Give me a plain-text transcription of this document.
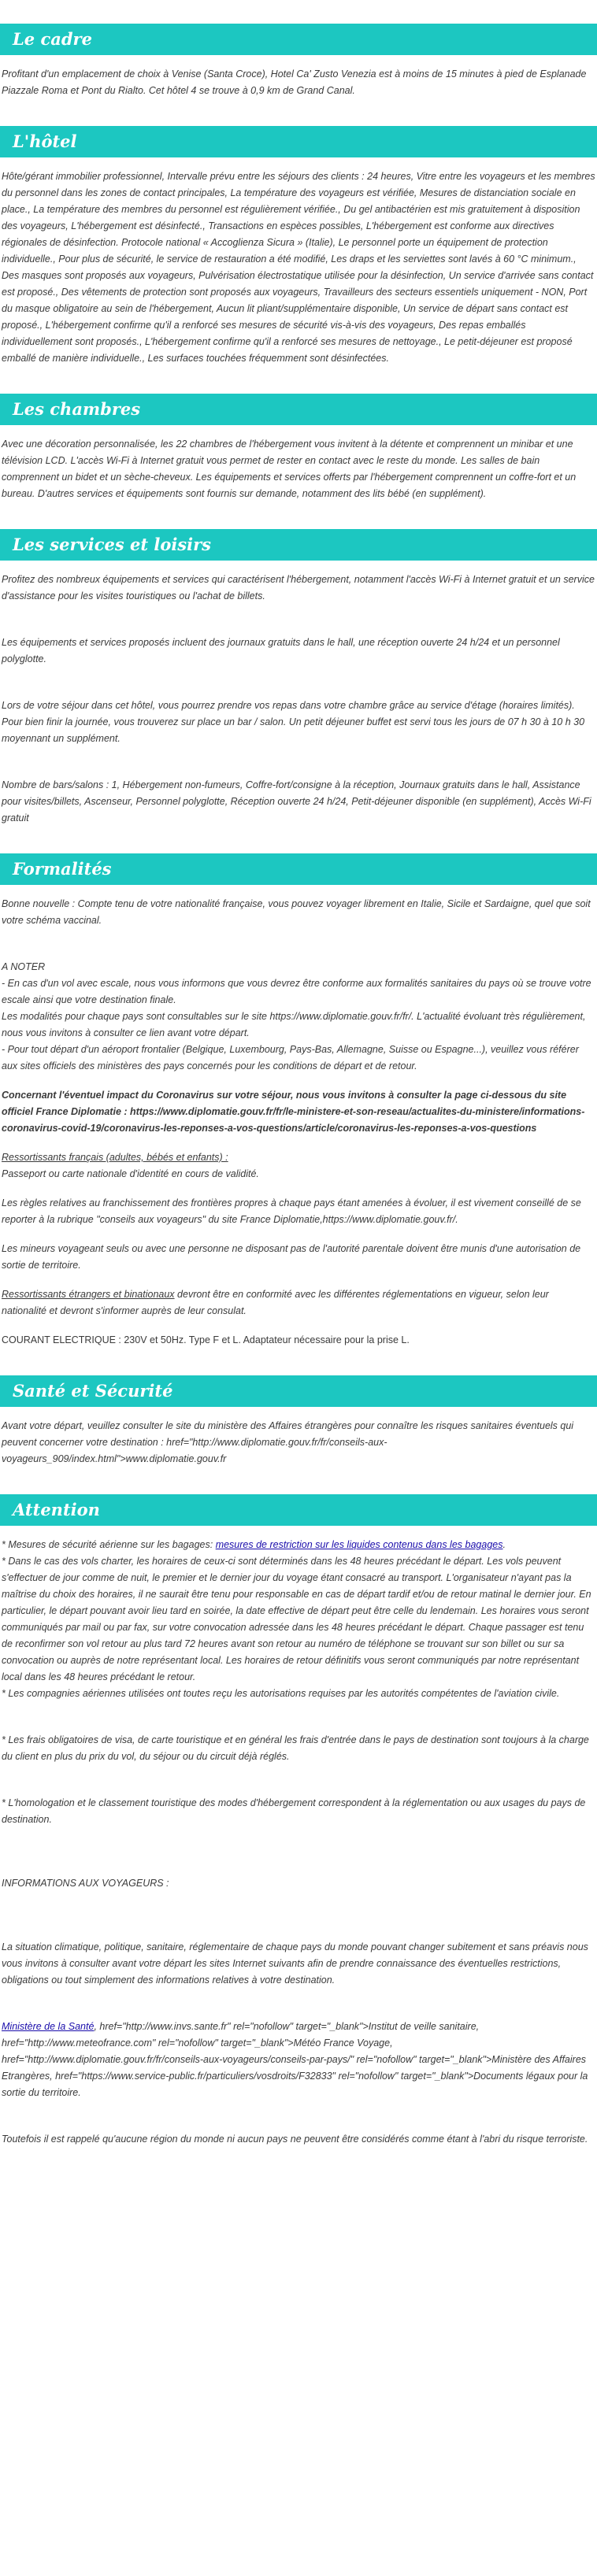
Le cadre

Profitant d'un emplacement de choix à Venise (Santa Croce), Hotel Ca' Zusto Venezia est à moins de 15 minutes à pied de Esplanade Piazzale Roma et Pont du Rialto. Cet hôtel 4 se trouve à 0,9 km de Grand Canal.

L'hôtel

Hôte/gérant immobilier professionnel, Intervalle prévu entre les séjours des clients : 24 heures, Vitre entre les voyageurs et les membres du personnel dans les zones de contact principales, La température des voyageurs est vérifiée, Mesures de distanciation sociale en place., La température des membres du personnel est régulièrement vérifiée., Du gel antibactérien est mis gratuitement à disposition des voyageurs, L'hébergement est désinfecté., Transactions en espèces possibles, L'hébergement est conforme aux directives régionales de désinfection. Protocole national « Accoglienza Sicura » (Italie), Le personnel porte un équipement de protection individuelle., Pour plus de sécurité, le service de restauration a été modifié, Les draps et les serviettes sont lavés à 60 °C minimum., Des masques sont proposés aux voyageurs, Pulvérisation électrostatique utilisée pour la désinfection, Un service d'arrivée sans contact est proposé., Des vêtements de protection sont proposés aux voyageurs, Travailleurs des secteurs essentiels uniquement - NON, Port du masque obligatoire au sein de l'hébergement, Aucun lit pliant/supplémentaire disponible, Un service de départ sans contact est proposé., L'hébergement confirme qu'il a renforcé ses mesures de sécurité vis-à-vis des voyageurs, Des repas emballés individuellement sont proposés., L'hébergement confirme qu'il a renforcé ses mesures de nettoyage., Le petit-déjeuner est proposé emballé de manière individuelle., Les surfaces touchées fréquemment sont désinfectées.

Les chambres

Avec une décoration personnalisée, les 22 chambres de l'hébergement vous invitent à la détente et comprennent un minibar et une télévision LCD. L'accès Wi-Fi à Internet gratuit vous permet de rester en contact avec le reste du monde. Les salles de bain comprennent un bidet et un sèche-cheveux. Les équipements et services offerts par l'hébergement comprennent un coffre-fort et un bureau. D'autres services et équipements sont fournis sur demande, notamment des lits bébé (en supplément).

Les services et loisirs

Profitez des nombreux équipements et services qui caractérisent l'hébergement, notamment l'accès Wi-Fi à Internet gratuit et un service d'assistance pour les visites touristiques ou l'achat de billets.

Les équipements et services proposés incluent des journaux gratuits dans le hall, une réception ouverte 24 h/24 et un personnel polyglotte.

Lors de votre séjour dans cet hôtel, vous pourrez prendre vos repas dans votre chambre grâce au service d'étage (horaires limités). Pour bien finir la journée, vous trouverez sur place un bar / salon. Un petit déjeuner buffet est servi tous les jours de 07 h 30 à 10 h 30 moyennant un supplément.

Nombre de bars/salons : 1, Hébergement non-fumeurs, Coffre-fort/consigne à la réception, Journaux gratuits dans le hall, Assistance pour visites/billets, Ascenseur, Personnel polyglotte, Réception ouverte 24 h/24, Petit-déjeuner disponible (en supplément), Accès Wi-Fi gratuit

Formalités

Bonne nouvelle : Compte tenu de votre nationalité française, vous pouvez voyager librement en Italie, Sicile et Sardaigne, quel que soit votre schéma vaccinal.

A NOTER

- En cas d'un vol avec escale, nous vous informons que vous devrez être conforme aux formalités sanitaires du pays où se trouve votre escale ainsi que votre destination finale.

Les modalités pour chaque pays sont consultables sur le site https://www.diplomatie.gouv.fr/fr/. L'actualité évoluant très régulièrement, nous vous invitons à consulter ce lien avant votre départ.

- Pour tout départ d'un aéroport frontalier (Belgique, Luxembourg, Pays-Bas, Allemagne, Suisse ou Espagne...), veuillez vous référer aux sites officiels des ministères des pays concernés pour les conditions de départ et de retour.

Concernant l'éventuel impact du Coronavirus sur votre séjour, nous vous invitons à consulter la page ci-dessous du site officiel France Diplomatie : https://www.diplomatie.gouv.fr/fr/le-ministere-et-son-reseau/actualites-du-ministere/informations-coronavirus-covid-19/coronavirus-les-reponses-a-vos-questions/article/coronavirus-les-reponses-a-vos-questions

Ressortissants français (adultes, bébés et enfants) :

Passeport ou carte nationale d'identité en cours de validité.

Les règles relatives au franchissement des frontières propres à chaque pays étant amenées à évoluer, il est vivement conseillé de se reporter à la rubrique "conseils aux voyageurs" du site France Diplomatie,https://www.diplomatie.gouv.fr/.

Les mineurs voyageant seuls ou avec une personne ne disposant pas de l'autorité parentale doivent être munis d'une autorisation de sortie de territoire.

Ressortissants étrangers et binationaux devront être en conformité avec les différentes réglementations en vigueur, selon leur nationalité et devront s'informer auprès de leur consulat.

COURANT ELECTRIQUE : 230V et 50Hz. Type F et L. Adaptateur nécessaire pour la prise L.

Santé et Sécurité

Avant votre départ, veuillez consulter le site du ministère des Affaires étrangères pour connaître les risques sanitaires éventuels qui peuvent concerner votre destination : href="http://www.diplomatie.gouv.fr/fr/conseils-aux-voyageurs_909/index.html">www.diplomatie.gouv.fr

Attention

* Mesures de sécurité aérienne sur les bagages: mesures de restriction sur les liquides contenus dans les bagages.

* Dans le cas des vols charter, les horaires de ceux-ci sont déterminés dans les 48 heures précédant le départ. Les vols peuvent s'effectuer de jour comme de nuit, le premier et le dernier jour du voyage étant consacré au transport. L'organisateur n'ayant pas la maîtrise du choix des horaires, il ne saurait être tenu pour responsable en cas de départ tardif et/ou de retour matinal le dernier jour. En particulier, le départ pouvant avoir lieu tard en soirée, la date effective de départ peut être celle du lendemain. Les horaires vous seront communiqués par mail ou par fax, sur votre convocation adressée dans les 48 heures précédant le départ. Chaque passager est tenu de reconfirmer son vol retour au plus tard 72 heures avant son retour au numéro de téléphone se trouvant sur son billet ou sur sa convocation ou auprès de notre représentant local. Les horaires de retour définitifs vous seront communiqués par notre représentant local dans les 48 heures précédant le retour.

* Les compagnies aériennes utilisées ont toutes reçu les autorisations requises par les autorités compétentes de l'aviation civile.

* Les frais obligatoires de visa, de carte touristique et en général les frais d'entrée dans le pays de destination sont toujours à la charge du client en plus du prix du vol, du séjour ou du circuit déjà réglés.

* L'homologation et le classement touristique des modes d'hébergement correspondent à la réglementation ou aux usages du pays de destination.

INFORMATIONS AUX VOYAGEURS :

La situation climatique, politique, sanitaire, réglementaire de chaque pays du monde pouvant changer subitement et sans préavis nous vous invitons à consulter avant votre départ les sites Internet suivants afin de prendre connaissance des éventuelles restrictions, obligations ou tout simplement des informations relatives à votre destination.

Ministère de la Santé, href="http://www.invs.sante.fr" rel="nofollow" target="_blank">Institut de veille sanitaire, href="http://www.meteofrance.com" rel="nofollow" target="_blank">Météo France Voyage, href="http://www.diplomatie.gouv.fr/fr/conseils-aux-voyageurs/conseils-par-pays/" rel="nofollow" target="_blank">Ministère des Affaires Etrangères, href="https://www.service-public.fr/particuliers/vosdroits/F32833" rel="nofollow" target="_blank">Documents légaux pour la sortie du territoire.

Toutefois il est rappelé qu'aucune région du monde ni aucun pays ne peuvent être considérés comme étant à l'abri du risque terroriste.
